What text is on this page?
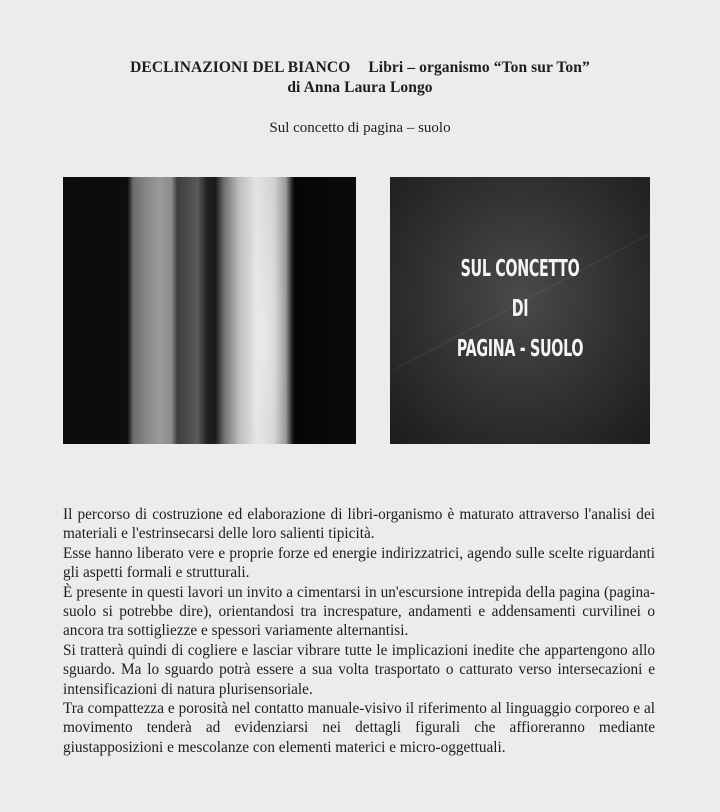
DECLINAZIONI DEL BIANCO Libri – organismo “Ton sur Ton”
di Anna Laura Longo
Sul concetto di pagina – suolo
SUL CONCETTO
DI
PAGINA - SUOLO

Il percorso di costruzione ed elaborazione di libri-organismo è maturato attraverso l'analisi dei materiali e l'estrinsecarsi delle loro salienti tipicità.

Esse hanno liberato vere e proprie forze ed energie indirizzatrici, agendo sulle scelte riguardanti gli aspetti formali e strutturali.

È presente in questi lavori un invito a cimentarsi in un'escursione intrepida della pagina (pagina-suolo si potrebbe dire), orientandosi tra increspature, andamenti e addensamenti curvilinei o ancora tra sottigliezze e spessori variamente alternantisi.

Si tratterà quindi di cogliere e lasciar vibrare tutte le implicazioni inedite che appartengono allo sguardo. Ma lo sguardo potrà essere a sua volta trasportato o catturato verso intersecazioni e intensificazioni di natura plurisensoriale.

Tra compattezza e porosità nel contatto manuale-visivo il riferimento al linguaggio corporeo e al movimento tenderà ad evidenziarsi nei dettagli figurali che affioreranno mediante giustapposizioni e mescolanze con elementi materici e micro-oggettuali.
